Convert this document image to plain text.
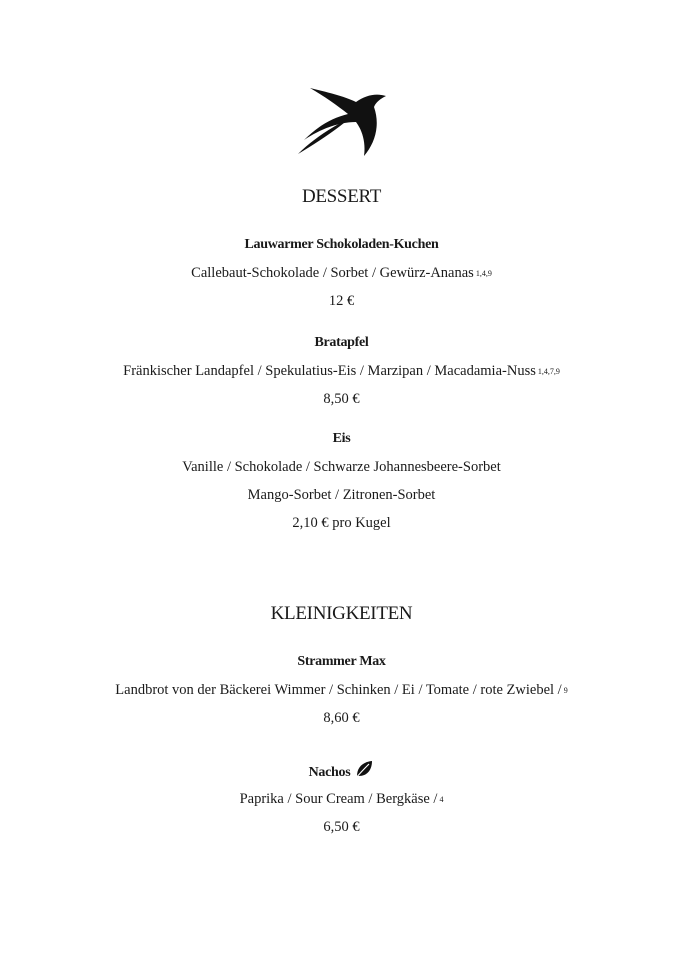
DESSERT
Lauwarmer Schokoladen-Kuchen
Callebaut-Schokolade / Sorbet / Gewürz-Ananas 1,4,9
12 €
Bratapfel
Fränkischer Landapfel / Spekulatius-Eis / Marzipan / Macadamia-Nuss 1,4,7,9
8,50 €
Eis
Vanille / Schokolade / Schwarze Johannesbeere-Sorbet
Mango-Sorbet / Zitronen-Sorbet
2,10 € pro Kugel
KLEINIGKEITEN
Strammer Max
Landbrot von der Bäckerei Wimmer / Schinken / Ei / Tomate / rote Zwiebel / 9
8,60 €
Nachos
Paprika / Sour Cream / Bergkäse / 4
6,50 €
